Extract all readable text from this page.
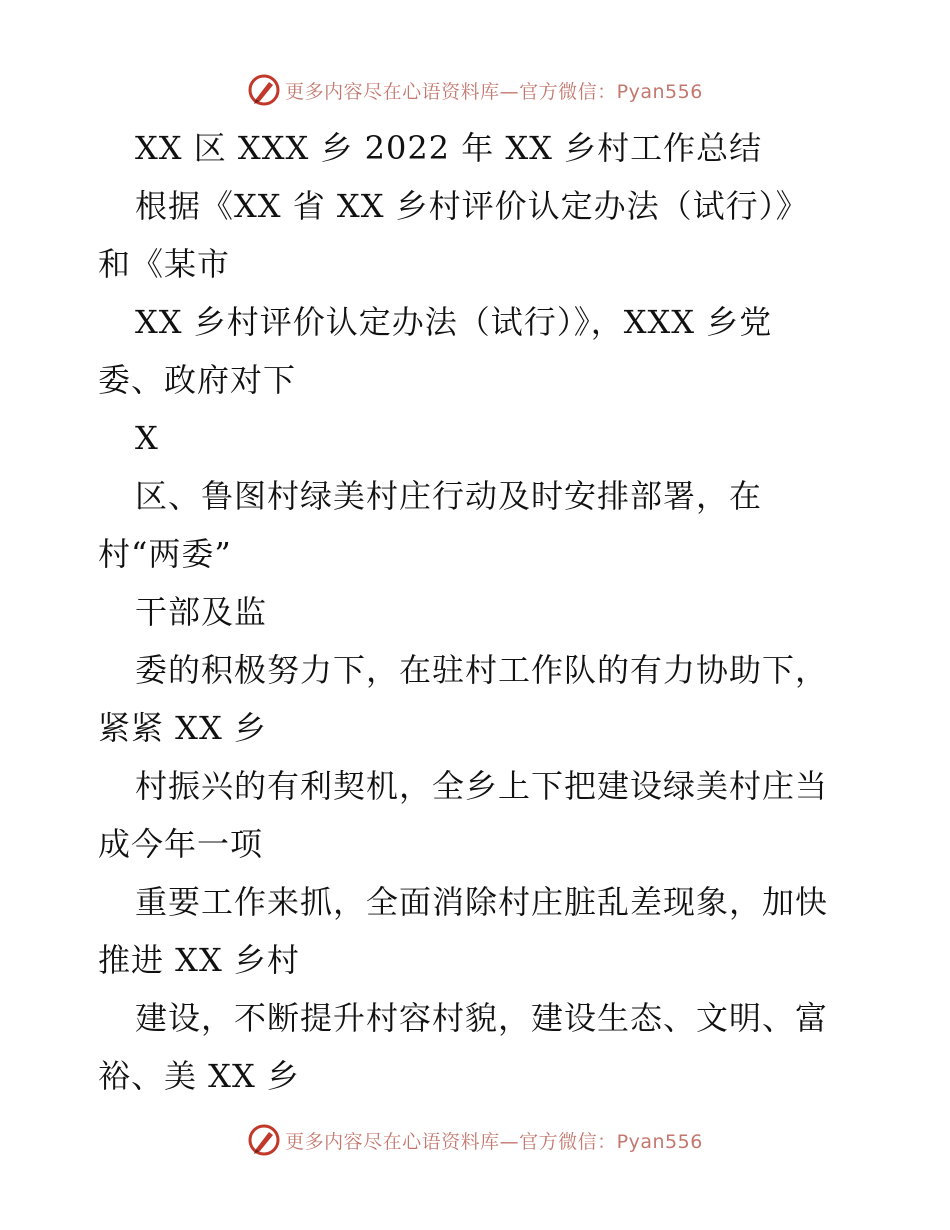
更多内容尽在心语资料库—官方微信：Pyan556
XX 区 XXX 乡 2022 年 XX 乡村工作总结
根据《XX 省 XX 乡村评价认定办法（试行）》
和《某市
XX 乡村评价认定办法（试行）》，XXX 乡党
委、政府对下
X
区、鲁图村绿美村庄行动及时安排部署，在
村“两委”
干部及监
委的积极努力下，在驻村工作队的有力协助下，
紧紧 XX 乡
村振兴的有利契机，全乡上下把建设绿美村庄当
成今年一项
重要工作来抓，全面消除村庄脏乱差现象，加快
推进 XX 乡村
建设，不断提升村容村貌，建设生态、文明、富
裕、美 XX 乡
更多内容尽在心语资料库—官方微信：Pyan556
